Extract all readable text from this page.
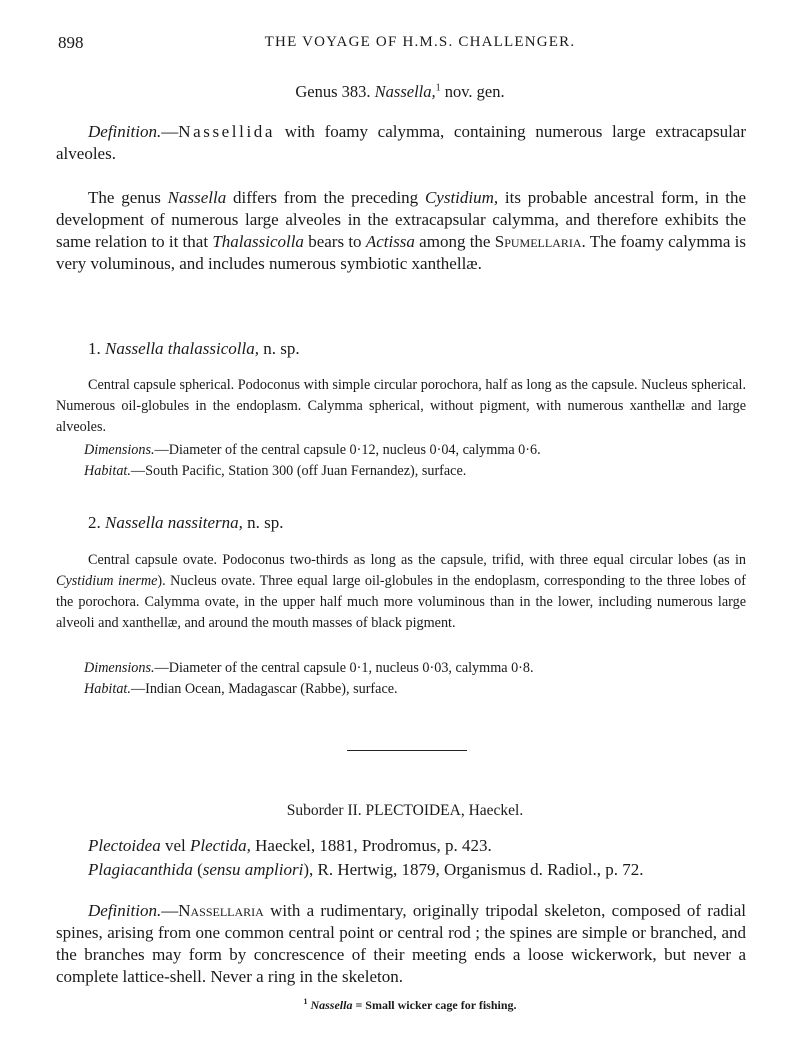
898	THE VOYAGE OF H.M.S. CHALLENGER.
Genus 383. Nassella,$^1$ nov. gen.
Definition.—Nassellida with foamy calymma, containing numerous large extracapsular alveoles.
The genus Nassella differs from the preceding Cystidium, its probable ancestral form, in the development of numerous large alveoles in the extracapsular calymma, and therefore exhibits the same relation to it that Thalassicolla bears to Actissa among the Spumellaria. The foamy calymma is very voluminous, and includes numerous symbiotic xanthellæ.
1. Nassella thalassicolla, n. sp.
Central capsule spherical. Podoconus with simple circular porochora, half as long as the capsule. Nucleus spherical. Numerous oil-globules in the endoplasm. Calymma spherical, without pigment, with numerous xanthellæ and large alveoles.
Dimensions.—Diameter of the central capsule 0·12, nucleus 0·04, calymma 0·6.
Habitat.—South Pacific, Station 300 (off Juan Fernandez), surface.
2. Nassella nassiterna, n. sp.
Central capsule ovate. Podoconus two-thirds as long as the capsule, trifid, with three equal circular lobes (as in Cystidium inerme). Nucleus ovate. Three equal large oil-globules in the endoplasm, corresponding to the three lobes of the porochora. Calymma ovate, in the upper half much more voluminous than in the lower, including numerous large alveoli and xanthellæ, and around the mouth masses of black pigment.
Dimensions.—Diameter of the central capsule 0·1, nucleus 0·03, calymma 0·8.
Habitat.—Indian Ocean, Madagascar (Rabbe), surface.
Suborder II. PLECTOIDEA, Haeckel.
Plectoidea vel Plectida, Haeckel, 1881, Prodromus, p. 423.
Plagiacanthida (sensu ampliori), R. Hertwig, 1879, Organismus d. Radiol., p. 72.
Definition.—Nassellaria with a rudimentary, originally tripodal skeleton, composed of radial spines, arising from one common central point or central rod ; the spines are simple or branched, and the branches may form by concrescence of their meeting ends a loose wickerwork, but never a complete lattice-shell. Never a ring in the skeleton.
$^1$ Nassella = Small wicker cage for fishing.
